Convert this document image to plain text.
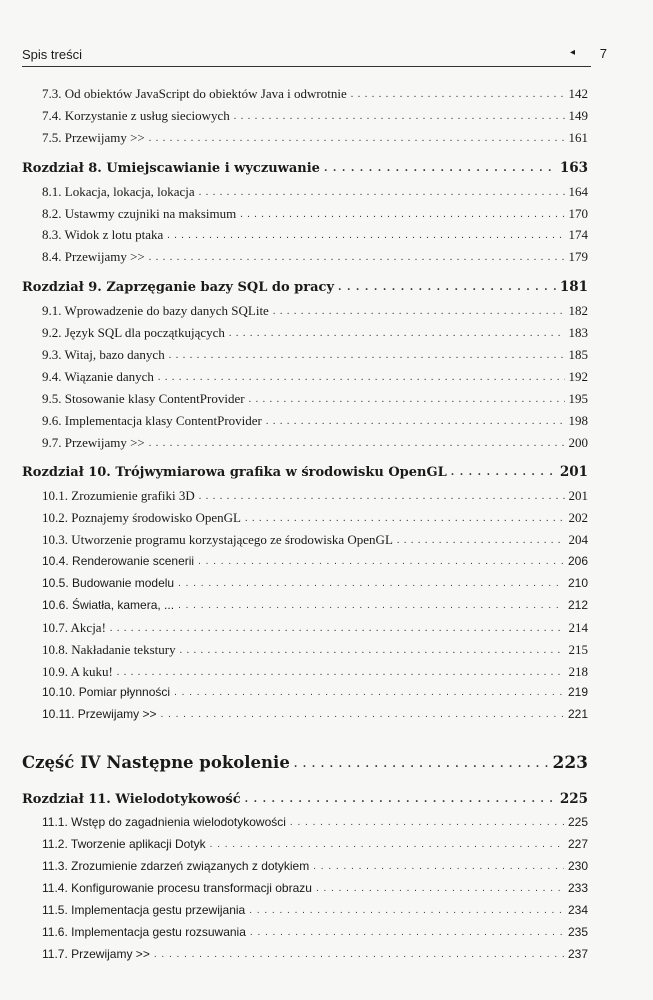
Spis treści	◂ 7
7.3. Od obiektów JavaScript do obiektów Java i odwrotnie . . .	142
7.4. Korzystanie z usług sieciowych . . .	149
7.5. Przewijamy >> . . .	161
Rozdział 8. Umiejscawianie i wyczuwanie . . .	163
8.1. Lokacja, lokacja, lokacja . . .	164
8.2. Ustawmy czujniki na maksimum . . .	170
8.3. Widok z lotu ptaka . . .	174
8.4. Przewijamy >> . . .	179
Rozdział 9. Zaprzęganie bazy SQL do pracy . . .	181
9.1. Wprowadzenie do bazy danych SQLite . . .	182
9.2. Język SQL dla początkujących . . .	183
9.3. Witaj, bazo danych . . .	185
9.4. Wiązanie danych . . .	192
9.5. Stosowanie klasy ContentProvider . . .	195
9.6. Implementacja klasy ContentProvider . . .	198
9.7. Przewijamy >> . . .	200
Rozdział 10. Trójwymiarowa grafika w środowisku OpenGL . . .	201
10.1. Zrozumienie grafiki 3D . . .	201
10.2. Poznajemy środowisko OpenGL . . .	202
10.3. Utworzenie programu korzystającego ze środowiska OpenGL . . .	204
10.4. Renderowanie scenerii . . .	206
10.5. Budowanie modelu . . .	210
10.6. Światła, kamera, ... . . .	212
10.7. Akcja! . . .	214
10.8. Nakładanie tekstury . . .	215
10.9. A kuku! . . .	218
10.10. Pomiar płynności . . .	219
10.11. Przewijamy >> . . .	221
Część IV Następne pokolenie . . .	223
Rozdział 11. Wielodotykowość . . .	225
11.1. Wstęp do zagadnienia wielodotykowości . . .	225
11.2. Tworzenie aplikacji Dotyk . . .	227
11.3. Zrozumienie zdarzeń związanych z dotykiem . . .	230
11.4. Konfigurowanie procesu transformacji obrazu . . .	233
11.5. Implementacja gestu przewijania . . .	234
11.6. Implementacja gestu rozsuwania . . .	235
11.7. Przewijamy >> . . .	237
